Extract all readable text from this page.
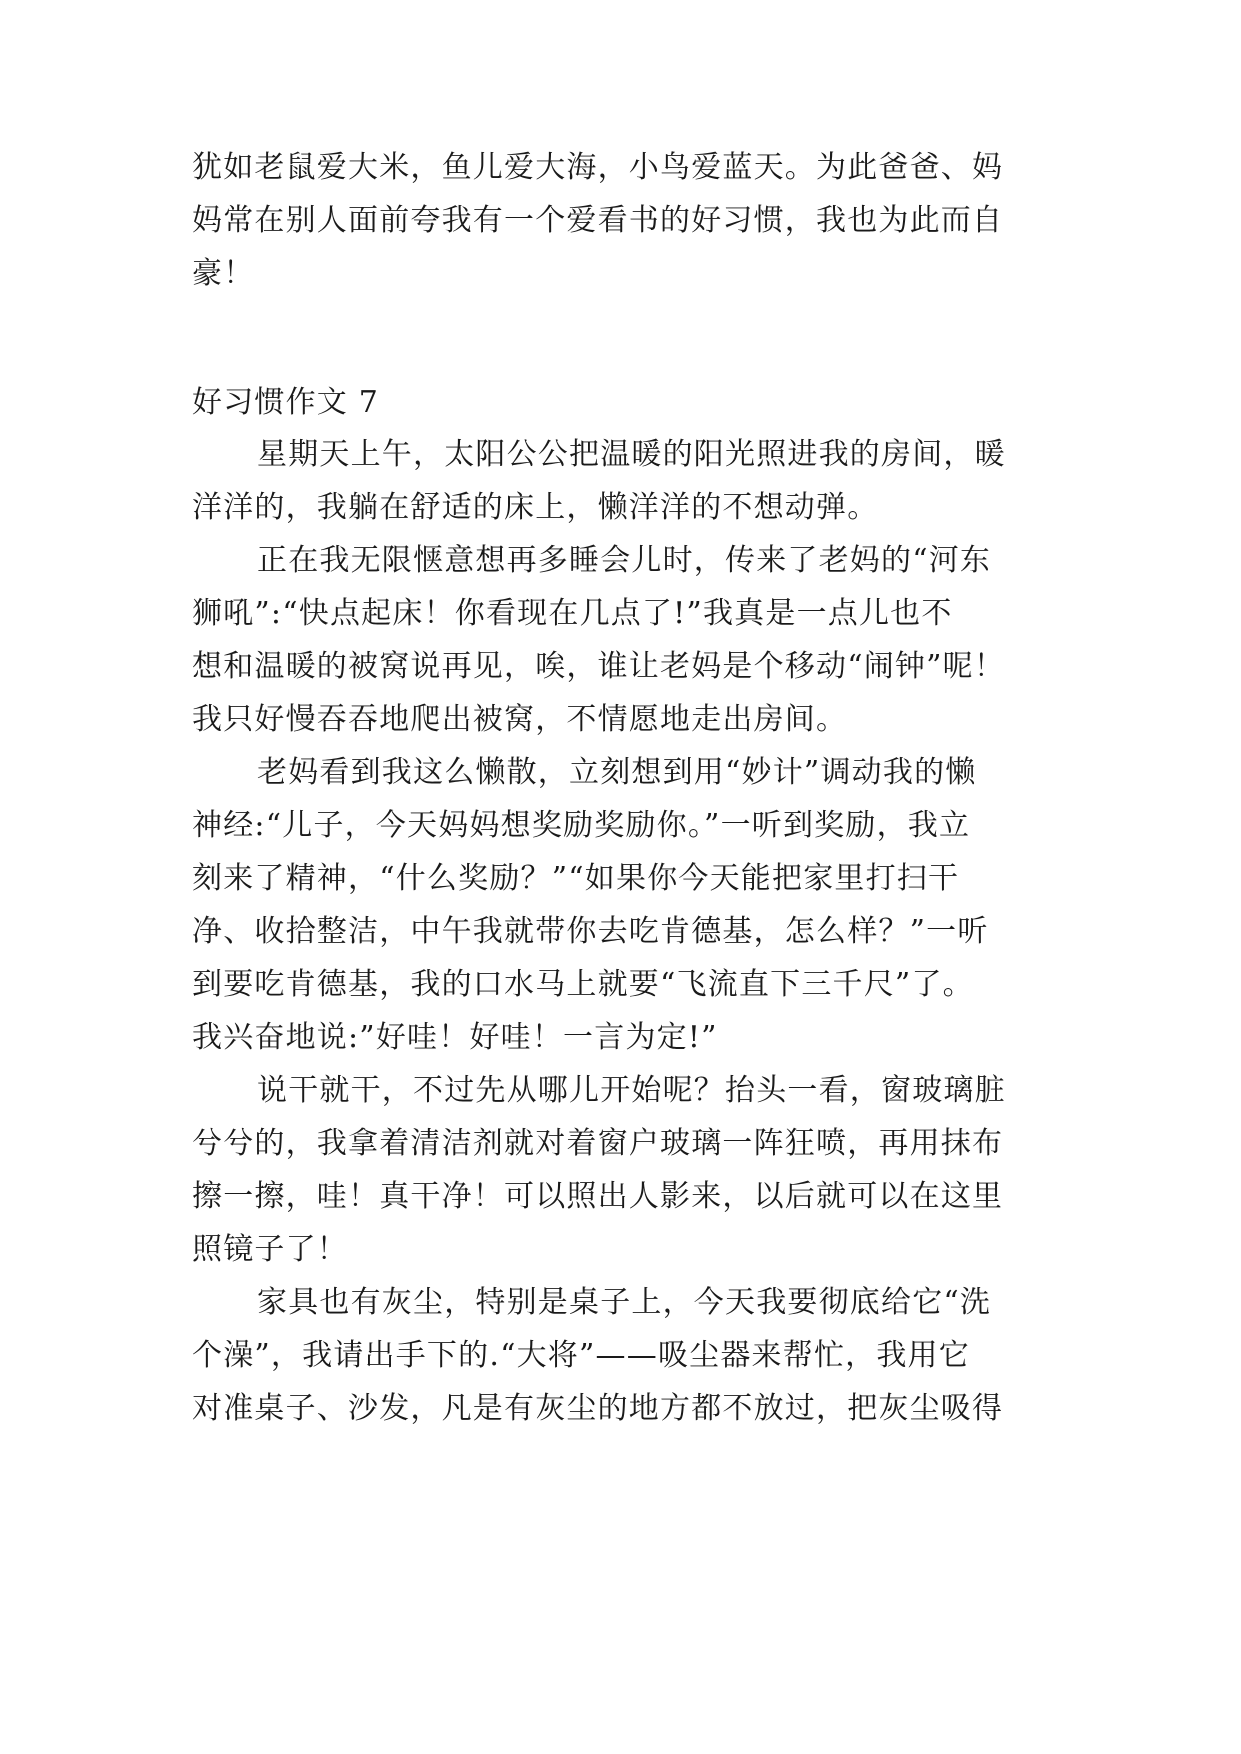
犹如老鼠爱大米，鱼儿爱大海，小鸟爱蓝天。为此爸爸、妈
妈常在别人面前夸我有一个爱看书的好习惯，我也为此而自
豪！
好习惯作文 7
星期天上午，太阳公公把温暖的阳光照进我的房间，暖
洋洋的，我躺在舒适的床上，懒洋洋的不想动弹。
正在我无限惬意想再多睡会儿时，传来了老妈的“河东
狮吼”:“快点起床！你看现在几点了!”我真是一点儿也不
想和温暖的被窝说再见，唉，谁让老妈是个移动“闹钟”呢！
我只好慢吞吞地爬出被窝，不情愿地走出房间。
老妈看到我这么懒散，立刻想到用“妙计”调动我的懒
神经:“儿子，今天妈妈想奖励奖励你。”一听到奖励，我立
刻来了精神，“什么奖励？”“如果你今天能把家里打扫干
净、收拾整洁，中午我就带你去吃肯德基，怎么样？”一听
到要吃肯德基，我的口水马上就要“飞流直下三千尺”了。
我兴奋地说:”好哇！好哇！一言为定!”
说干就干，不过先从哪儿开始呢？抬头一看，窗玻璃脏
兮兮的，我拿着清洁剂就对着窗户玻璃一阵狂喷，再用抹布
擦一擦，哇！真干净！可以照出人影来，以后就可以在这里
照镜子了！
家具也有灰尘，特别是桌子上，今天我要彻底给它“洗
个澡”，我请出手下的.“大将”——吸尘器来帮忙，我用它
对准桌子、沙发，凡是有灰尘的地方都不放过，把灰尘吸得
